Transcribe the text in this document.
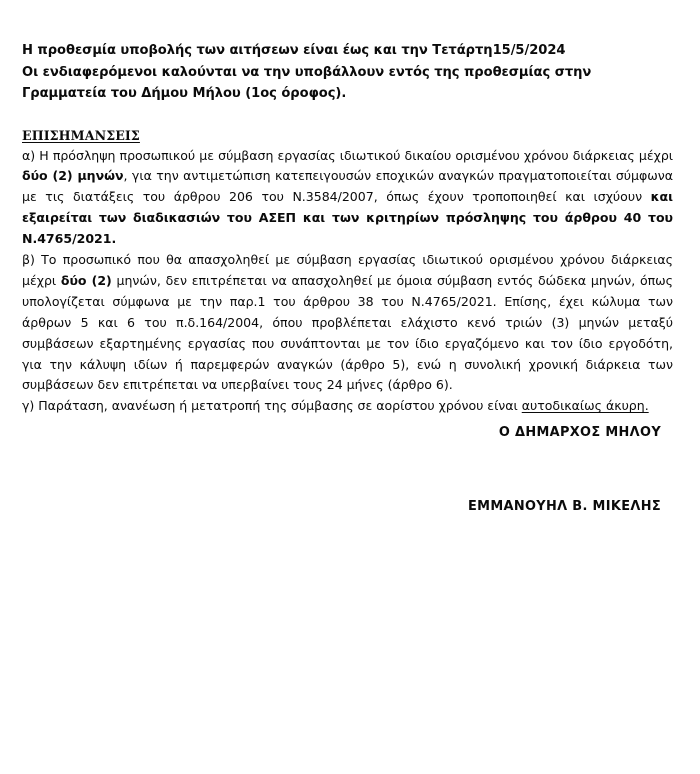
Η προθεσμία υποβολής των αιτήσεων είναι έως και την Τετάρτη15/5/2024
Οι ενδιαφερόμενοι καλούνται να την υποβάλλουν εντός της προθεσμίας στην Γραμματεία του Δήμου Μήλου (1ος όροφος).
ΕΠΙΣΗΜΑΝΣΕΙΣ

α) Η πρόσληψη προσωπικού με σύμβαση εργασίας ιδιωτικού δικαίου ορισμένου χρόνου διάρκειας μέχρι δύο (2) μηνών, για την αντιμετώπιση κατεπειγουσών εποχικών αναγκών πραγματοποιείται σύμφωνα με τις διατάξεις του άρθρου 206 του Ν.3584/2007, όπως έχουν τροποποιηθεί και ισχύουν και εξαιρείται των διαδικασιών του ΑΣΕΠ και των κριτηρίων πρόσληψης του άρθρου 40 του Ν.4765/2021.

β) Το προσωπικό που θα απασχοληθεί με σύμβαση εργασίας ιδιωτικού ορισμένου χρόνου διάρκειας μέχρι δύο (2) μηνών, δεν επιτρέπεται να απασχοληθεί με όμοια σύμβαση εντός δώδεκα μηνών, όπως υπολογίζεται σύμφωνα με την παρ.1 του άρθρου 38 του Ν.4765/2021. Επίσης, έχει κώλυμα των άρθρων 5 και 6 του π.δ.164/2004, όπου προβλέπεται ελάχιστο κενό τριών (3) μηνών μεταξύ συμβάσεων εξαρτημένης εργασίας που συνάπτονται με τον ίδιο εργαζόμενο και τον ίδιο εργοδότη, για την κάλυψη ιδίων ή παρεμφερών αναγκών (άρθρο 5), ενώ η συνολική χρονική διάρκεια των συμβάσεων δεν επιτρέπεται να υπερβαίνει τους 24 μήνες (άρθρο 6).

γ) Παράταση, ανανέωση ή μετατροπή της σύμβασης σε αορίστου χρόνου είναι αυτοδικαίως άκυρη.

Ο ΔΗΜΑΡΧΟΣ ΜΗΛΟΥ
ΕΜΜΑΝΟΥΗΛ Β. ΜΙΚΕΛΗΣ
